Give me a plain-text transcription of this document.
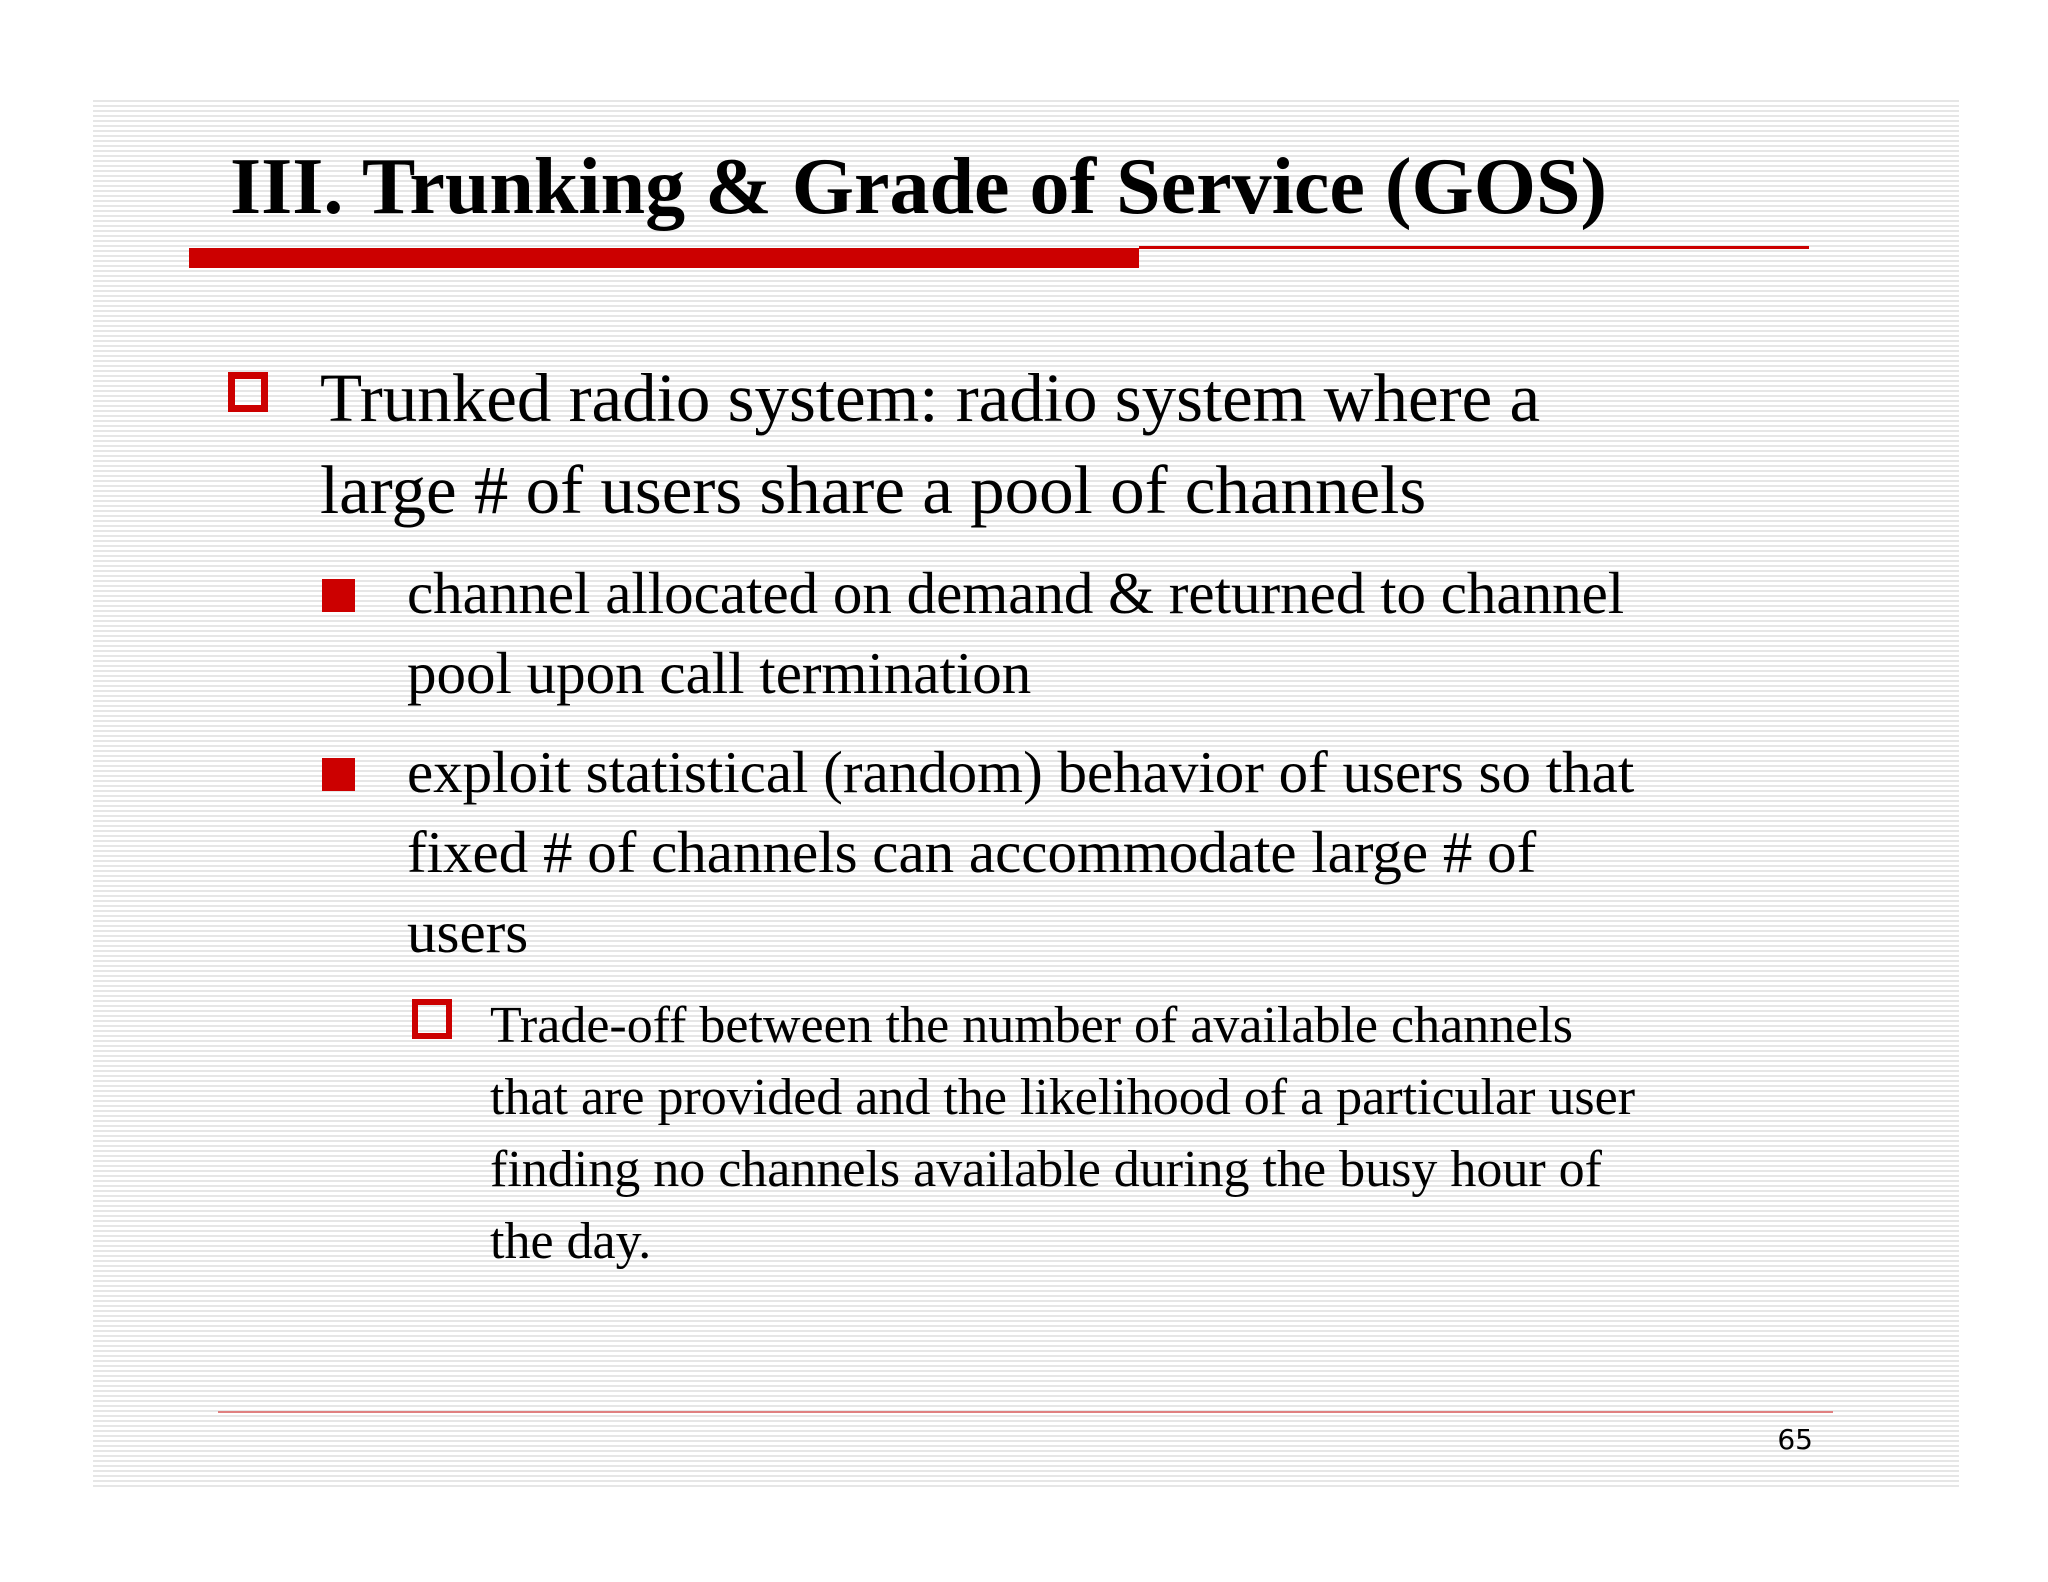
III. Trunking & Grade of Service (GOS)
Trunked radio system: radio system where a
large # of users share a pool of channels
channel allocated on demand & returned to channel
pool upon call termination
exploit statistical (random) behavior of users so that
fixed # of channels can accommodate large # of
users
Trade-off between the number of available channels
that are provided and the likelihood of a particular user
finding no channels available during the busy hour of
the day.
65
